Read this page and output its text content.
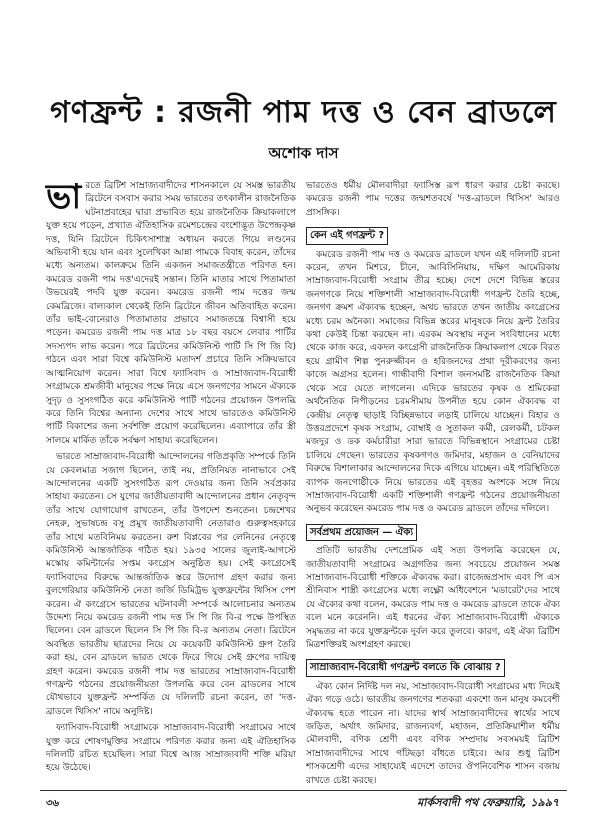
গণফ্রন্ট : রজনী পাম দত্ত ও বেন ব্রাডলে
অশোক দাস

ভারতে ব্রিটিশ সাম্রাজ্যবাদীদের শাসনকালে যে সমস্ত ভারতীয় ব্রিটেনে বসবাস করার সময় ভারতের তৎকালীন রাজনৈতিক ঘটনাপ্রবাহের দ্বারা প্রভাবিত হয়ে রাজনৈতিক ক্রিয়াকলাপে যুক্ত হয়ে পড়েন, প্রখ্যাত ঐতিহাসিক রমেশচন্দ্রের বংশোদ্ভূত উপেন্দ্রকৃষ্ণ দত্ত, যিনি ব্রিটেনে চিকিৎসাশাস্ত্র অধ্যয়ন করতে গিয়ে লণ্ডনের অভিবাসী হয়ে যান এবং সুলেখিকা আন্না পামকে বিবাহ করেন, তাঁদের মধ্যে অন্যতম। কালক্রমে তিনি একজন সমাজতন্ত্রীতে পরিণত হন। কমরেড রজনী পাম দত্ত'এদেরই সন্তান। তিনি মাতার সাথে পিতামাতা উভয়েরই পদবি যুক্ত করেন। কমরেড রজনী পাম দত্তের জন্ম কেমব্রিজে। বাল্যকাল থেকেই তিনি ব্রিটেনে জীবন অতিবাহিত করেন। তাঁর ভাই-বোনেরাও পিতামাতার প্রভাবে সমাজতন্ত্রে বিশ্বাসী হয়ে পড়েন। কমরেড রজনী পাম দত্ত মাত্র ১৮ বছর বয়সে লেবার পার্টির সদস্যপদ লাভ করেন। পরে ব্রিটেনের কমিউনিস্ট পার্টি সি পি জি বি) গঠনে এবং সারা বিশ্বে কমিউনিস্ট মতাদর্শ প্রচারে তিনি সক্রিয়ভাবে আত্মনিয়োগ করেন। সারা বিশ্বে ফ্যাসিবাদ ও সাম্রাজ্যবাদ-বিরোধী সংগ্রামকে শ্রমজীবী মানুষের পক্ষে নিয়ে এসে জনগণের সামনে ঐক্যকে সুদৃঢ় ও সুসংগঠিত করে কমিউনিস্ট পার্টি গঠনের প্রয়োজন উপলব্ধি করে তিনি বিশ্বের অন্যান্য দেশের সাথে সাথে ভারতেও কমিউনিস্ট পার্টি বিকাশের জন্য সর্বশক্তি প্রয়োগ করেছিলেন। এব্যাপারে তাঁর স্ত্রী সালমে মার্কিত তাঁকে সর্বক্ষণ সাহায্য করেছিলেন।

ভারতে সাম্রাজ্যবাদ-বিরোধী আন্দোলনের গতিপ্রকৃতি সম্পর্কে তিনি যে কেবলমাত্র সজাগ ছিলেন, তাই নয়, প্রতিনিয়ত নানাভাবে সেই আন্দোলনের একটি সুসংগঠিত রূপ দেওয়ার জন্য তিনি সর্বপ্রকার সাহায্য করতেন। সে যুগের জাতীয়তাবাদী আন্দোলনের প্রধান নেতৃবৃন্দ তাঁর সাথে যোগাযোগ রাখতেন, তাঁর উপদেশ শুনতেন। চন্দ্রশেখর নেহরু, সুভাষচন্দ্র বসু প্রমুখ জাতীয়তাবাদী নেতারাও গুরুত্বসহকারে তাঁর সাথে মতবিনিময় করতেন। রুশ বিপ্লবের পর লেনিনের নেতৃত্বে কমিউনিস্ট আন্তর্জাতিক গঠিত হয়। ১৯৩৫ সালের জুলাই-আগস্টে মস্কোয় কমিন্টার্নের সপ্তম কংগ্রেস অনুষ্ঠিত হয়। সেই কংগ্রেসেই ফ্যাসিবাদের বিরুদ্ধে আন্তর্জাতিক স্তরে উদ্যোগ গ্রহণ করার জন্য বুলগেরিয়ার কমিউনিস্ট নেতা জর্জি ডিমিট্রভ যুক্তফ্রন্টের থিসিস পেশ করেন। ঐ কংগ্রেসে ভারতের ঘটনাবলী সম্পর্কে আলোচনার অন্যতম উদ্দেশ্য নিয়ে কমরেড রজনী পাম দত্ত সি পি জি বি-র পক্ষে উপস্থিত ছিলেন। বেন ব্রাডলে ছিলেন সি পি জি বি-র অন্যতম নেতা। ব্রিটেনে অবস্থিত ভারতীয় ছাত্রদের নিয়ে যে কয়েকটি কমিউনিস্ট গ্রুপ তৈরি করা হয়, বেন ব্রাডলে ভারত থেকে ফিরে গিয়ে সেই গ্রুপের দায়িত্ব গ্রহণ করেন। কমরেড রজনী পাম দত্ত ভারতের সাম্রাজ্যবাদ-বিরোধী গণফ্রন্ট গঠনের প্রয়োজনীয়তা উপলব্ধি করে বেন ব্রাডলের সাথে যৌথভাবে যুক্তফ্রন্ট সম্পর্কিত যে দলিলটি রচনা করেন, তা 'দত্ত-ব্রাডলে থিসিস' নামে অনুদিষ্ট।

ফ্যাসিবাদ-বিরোধী সংগ্রামকে সাম্রাজ্যবাদ-বিরোধী সংগ্রামের সাথে যুক্ত করে শোষণমুক্তির সংগ্রামে পরিণত করার জন্য এই ঐতিহাসিক দলিলটি রচিত হয়েছিল। সারা বিশ্বে আজ সাম্রাজ্যবাদী শক্তি মরিয়া হয়ে উঠেছে।

ভারতেও ধর্মীয় মৌলবাদীরা ফ্যাসিস্ত রূপ ধারণ করার চেষ্টা করছে। কমরেড রজনী পাম দত্তের জন্মশতবর্ষে 'দত্ত-ব্রাডলে থিসিস' আরও প্রাসঙ্গিক।

কেন এই গণফ্রন্ট ?

কমরেড রজনী পাম দত্ত ও কমরেড ব্রাডলে যখন এই দলিলটি রচনা করেন, তখন মিশরে, চীনে, আবিসিনিয়ায়, দক্ষিণ আমেরিকায় সাম্রাজ্যবাদ-বিরোধী সংগ্রাম তীব্র হচ্ছে। দেশে দেশে বিভিন্ন স্তরের জনগণকে নিয়ে শক্তিশালী সাম্রাজ্যবাদ-বিরোধী গণফ্রন্ট তৈরি হচ্ছে, জনগণ ক্রমশ ঐক্যবদ্ধ হচ্ছেন, অথচ ভারতে তখন জাতীয় কংগ্রেসের মধ্যে চরম অনৈক্য। সমাজের বিভিন্ন স্তরের মানুষকে নিয়ে ফ্রন্ট তৈরির কথা কেউই চিন্তা করছেন না। এরকম অবস্থায় নতুন সংবিধানের মধ্যে থেকে কাজ করে, একদল কংগ্রেসী রাজনৈতিক ক্রিয়াকলাপ থেকে বিরত হয়ে গ্রামীণ শিল্প পুনরুজ্জীবন ও হরিজনদের প্রথা দূরীকরণের জন্য কাজে অগ্রসর হলেন। গান্ধীবাদী বিশাল জনসমষ্টি রাজনৈতিক ক্রিয়া থেকে সরে যেতে লাগলেন। এদিকে ভারতের কৃষক ও শ্রমিকেরা অর্থনৈতিক নিপীড়নের চরমসীমায় উপনীত হয়ে কোন ঐক্যবদ্ধ বা কেন্দ্রীয় নেতৃত্ব ছাড়াই বিচ্ছিন্নভাবে লড়াই চালিয়ে যাচ্ছেন। বিহার ও উত্তরপ্রদেশে কৃষক সংগ্রাম, বোম্বাই ও সুতাকল কর্মী, রেলকর্মী, চটকল মজদুর ও ডক কর্মচারীরা সারা ভারতে বিভিন্নস্থানে সংগ্রামের চেষ্টা চালিয়ে গেছেন। ভারতের কৃষকগণও জমিদার, মহাজন ও বেনিয়াদের বিরুদ্ধে বিশালাকার আন্দোলনের দিকে এগিয়ে যাচ্ছেন। এই পরিস্থিতিতে ব্যাপক জনগোষ্ঠীকে নিয়ে ভারতের এই বৃহত্তর অংশকে সঙ্গে নিয়ে সাম্রাজ্যবাদ-বিরোধী একটি শক্তিশালী গণফ্রন্ট গঠনের প্রয়োজনীয়তা অনুভব করেছেন কমরেড পাম দত্ত ও কমরেড ব্রাডলে তাঁদের দলিলে।

সর্বপ্রথম প্রয়োজন — ঐক্য

প্রতিটি ভারতীয় দেশপ্রেমিক এই সত্য উপলব্ধি করেছেন যে, জাতীয়তাবাদী সংগ্রামের অগ্রগতির জন্য সবচেয়ে প্রয়োজন সমস্ত সাম্রাজ্যবাদ-বিরোধী শক্তিকে ঐক্যবদ্ধ করা। রাজেন্দ্রপ্রসাদ এবং পি এস শ্রীনিবাস শাস্ত্রী কংগ্রেসের মধ্যে লক্ষ্ণৌ অধিবেশনে 'মডারেট'দের সাথে যে ঐক্যের কথা বলেন, কমরেড পাম দত্ত ও কমরেড ব্রাডলে তাকে ঐক্য বলে মনে করেননি। এই ধরনের ঐক্য সাম্রাজ্যবাদ-বিরোধী ঐক্যকে সমৃদ্ধতর না করে যুক্তফ্রন্টকে দুর্বল করে তুলবে। কারণ, এই ঐক্য ব্রিটিশ মিত্রশক্তিরই অংশগ্রহণ করছে।

সাম্রাজ্যবাদ-বিরোধী গণফ্রন্ট বলতে কি বোঝায় ?

ঐক্য কোন নির্দিষ্ট দল নয়, সাম্রাজ্যবাদ-বিরোধী সংগ্রামের মধ্য দিয়েই ঐক্য গড়ে ওঠে। ভারতীয় জনগণের শতকরা একশো জন মানুষ কমবেশী ঐক্যবদ্ধ হতে পারেন না। যাদের স্বার্থ সাম্রাজ্যবাদীদের স্বার্থের সাথে জড়িত, অর্থাৎ জমিদার, রাজন্যবর্গ, মহাজন, প্রতিক্রিয়াশীল ধর্মীয় মৌলবাদী, বণিক শ্রেণী এবং বণিক সম্প্রদায় সবসময়ই ব্রিটিশ সাম্রাজ্যবাদীদের সাথে গাঁটছড়া বাঁধতে চাইবে। আর শুধু ব্রিটিশ শাসকশ্রেণী এদের সাহায্যেই এদেশে তাদের ঔপনিবেশিক শাসন বজায় রাখতে চেষ্টা করছে।

৩৬	মার্কসবাদী পথ ফেব্রুয়ারি, ১৯৯৭
